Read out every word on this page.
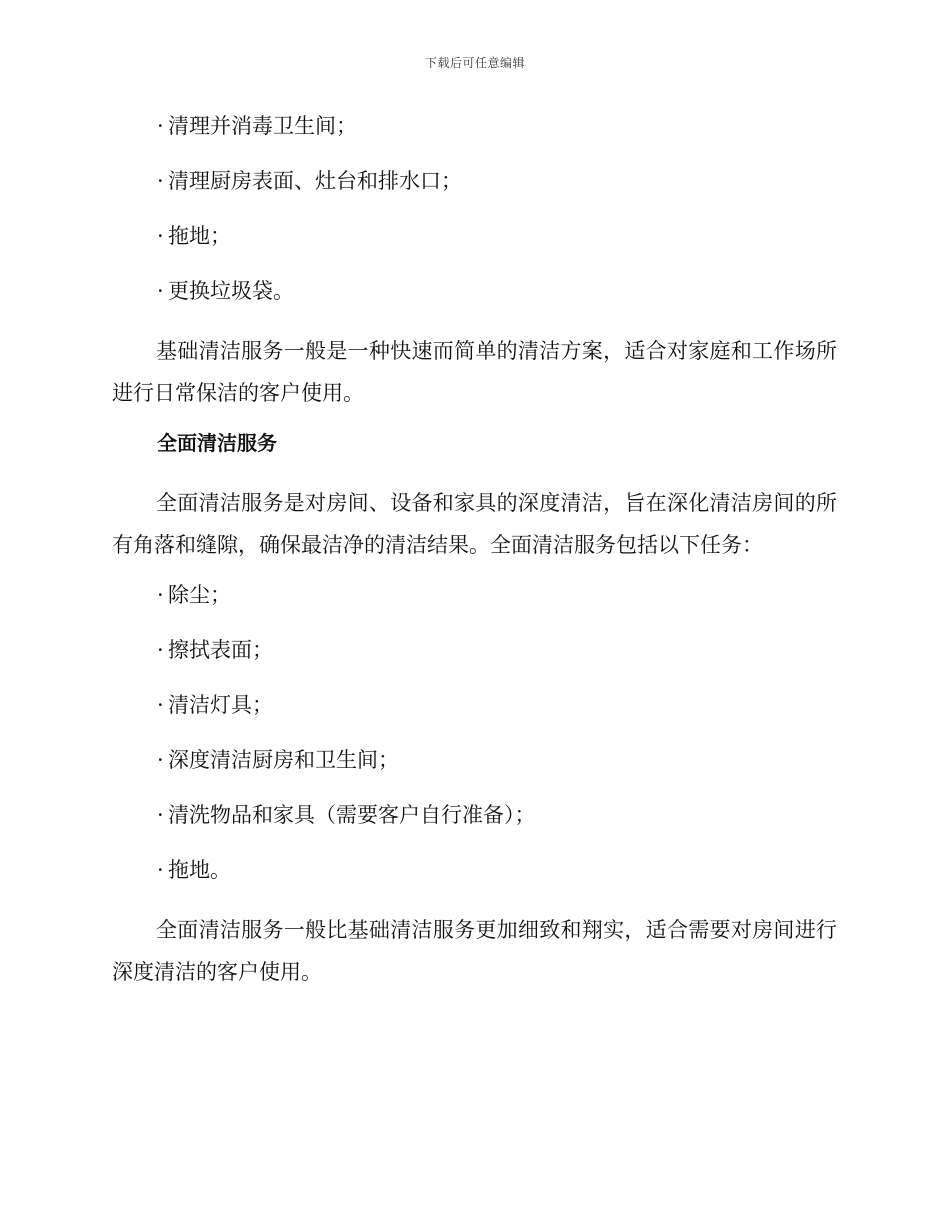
下载后可任意编辑
· 清理并消毒卫生间；
· 清理厨房表面、灶台和排水口；
· 拖地；
· 更换垃圾袋。

基础清洁服务一般是一种快速而简单的清洁方案，适合对家庭和工作场所进行日常保洁的客户使用。

全面清洁服务

全面清洁服务是对房间、设备和家具的深度清洁，旨在深化清洁房间的所有角落和缝隙，确保最洁净的清洁结果。全面清洁服务包括以下任务：

· 除尘；
· 擦拭表面；
· 清洁灯具；
· 深度清洁厨房和卫生间；
· 清洗物品和家具（需要客户自行准备）；
· 拖地。

全面清洁服务一般比基础清洁服务更加细致和翔实，适合需要对房间进行深度清洁的客户使用。
